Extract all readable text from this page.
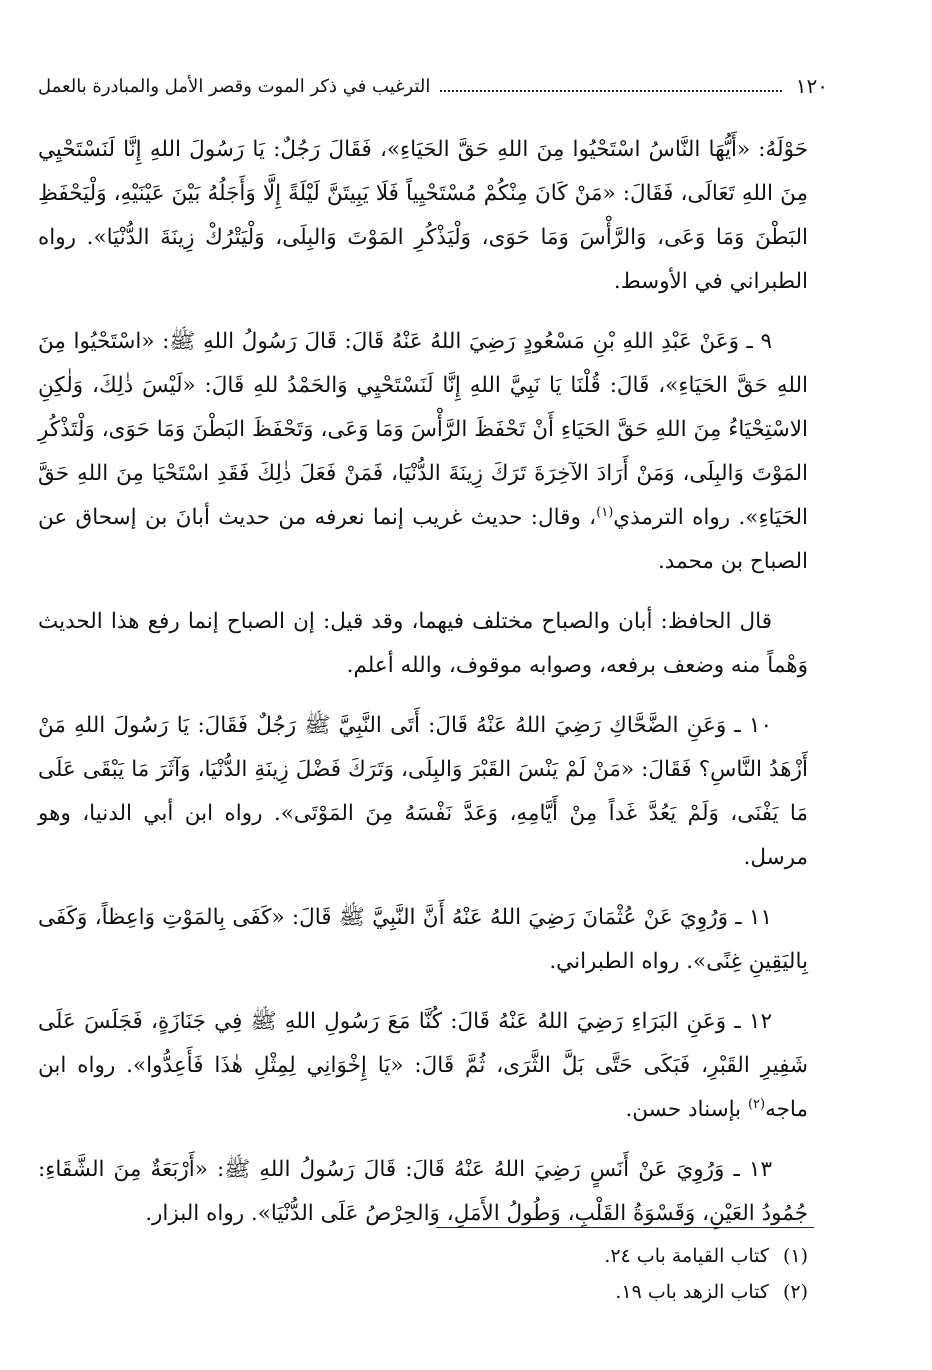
١٢٠
الترغيب في ذكر الموت وقصر الأمل والمبادرة بالعمل

حَوْلَهُ: «أَيُّهَا النَّاسُ اسْتَحْيُوا مِنَ اللهِ حَقَّ الحَيَاءِ»، فَقَالَ رَجُلٌ: يَا رَسُولَ اللهِ إِنَّا لَنَسْتَحْيِي مِنَ اللهِ تَعَالَى، فَقَالَ: «مَنْ كَانَ مِنْكُمْ مُسْتَحْيِياً فَلَا يَبِيتَنَّ لَيْلَةً إِلَّا وَأَجَلُهُ بَيْنَ عَيْنَيْهِ، وَلْيَحْفَظِ البَطْنَ وَمَا وَعَى، وَالرَّأْسَ وَمَا حَوَى، وَلْيَذْكُرِ المَوْتَ وَالبِلَى، وَلْيَتْرُكْ زِينَةَ الدُّنْيَا». رواه الطبراني في الأوسط.

٩ ـ وَعَنْ عَبْدِ اللهِ بْنِ مَسْعُودٍ رَضِيَ اللهُ عَنْهُ قَالَ: قَالَ رَسُولُ اللهِ ﷺ: «اسْتَحْيُوا مِنَ اللهِ حَقَّ الحَيَاءِ»، قَالَ: قُلْنَا يَا نَبِيَّ اللهِ إِنَّا لَنَسْتَحْيِي وَالحَمْدُ للهِ قَالَ: «لَيْسَ ذٰلِكَ، وَلٰكِنِ الاسْتِحْيَاءُ مِنَ اللهِ حَقَّ الحَيَاءِ أَنْ تَحْفَظَ الرَّأْسَ وَمَا وَعَى، وَتَحْفَظَ البَطْنَ وَمَا حَوَى، وَلْتَذْكُرِ المَوْتَ وَالبِلَى، وَمَنْ أَرَادَ الآخِرَةَ تَرَكَ زِينَةَ الدُّنْيَا، فَمَنْ فَعَلَ ذٰلِكَ فَقَدِ اسْتَحْيَا مِنَ اللهِ حَقَّ الحَيَاءِ». رواه الترمذي$^{(١)}$، وقال: حديث غريب إنما نعرفه من حديث أبانَ بن إسحاق عن الصباح بن محمد.

قال الحافظ: أبان والصباح مختلف فيهما، وقد قيل: إن الصباح إنما رفع هذا الحديث وَهْماً منه وضعف برفعه، وصوابه موقوف، والله أعلم.

١٠ ـ وَعَنِ الضَّحَّاكِ رَضِيَ اللهُ عَنْهُ قَالَ: أَتَى النَّبِيَّ ﷺ رَجُلٌ فَقَالَ: يَا رَسُولَ اللهِ مَنْ أَزْهَدُ النَّاسِ؟ فَقَالَ: «مَنْ لَمْ يَنْسَ القَبْرَ وَالبِلَى، وَتَرَكَ فَضْلَ زِينَةِ الدُّنْيَا، وَآثَرَ مَا يَبْقَى عَلَى مَا يَفْنَى، وَلَمْ يَعُدَّ غَداً مِنْ أَيَّامِهِ، وَعَدَّ نَفْسَهُ مِنَ المَوْتَى». رواه ابن أبي الدنيا، وهو مرسل.

١١ ـ وَرُوِيَ عَنْ عُثْمَانَ رَضِيَ اللهُ عَنْهُ أَنَّ النَّبِيَّ ﷺ قَالَ: «كَفَى بِالمَوْتِ وَاعِظاً، وَكَفَى بِاليَقِينِ غِنًى». رواه الطبراني.

١٢ ـ وَعَنِ البَرَاءِ رَضِيَ اللهُ عَنْهُ قَالَ: كُنَّا مَعَ رَسُولِ اللهِ ﷺ فِي جَنَازَةٍ، فَجَلَسَ عَلَى شَفِيرِ القَبْرِ، فَبَكَى حَتَّى بَلَّ الثَّرَى، ثُمَّ قَالَ: «يَا إِخْوَانِي لِمِثْلِ هٰذَا فَأَعِدُّوا». رواه ابن ماجه$^{(٢)}$ بإسناد حسن.

١٣ ـ وَرُوِيَ عَنْ أَنَسٍ رَضِيَ اللهُ عَنْهُ قَالَ: قَالَ رَسُولُ اللهِ ﷺ: «أَرْبَعَةٌ مِنَ الشَّقَاءِ: جُمُودُ العَيْنِ، وَقَسْوَةُ القَلْبِ، وَطُولُ الأَمَلِ، وَالحِرْصُ عَلَى الدُّنْيَا». رواه البزار.

(١)كتاب القيامة باب ٢٤.

(٢)كتاب الزهد باب ١٩.
